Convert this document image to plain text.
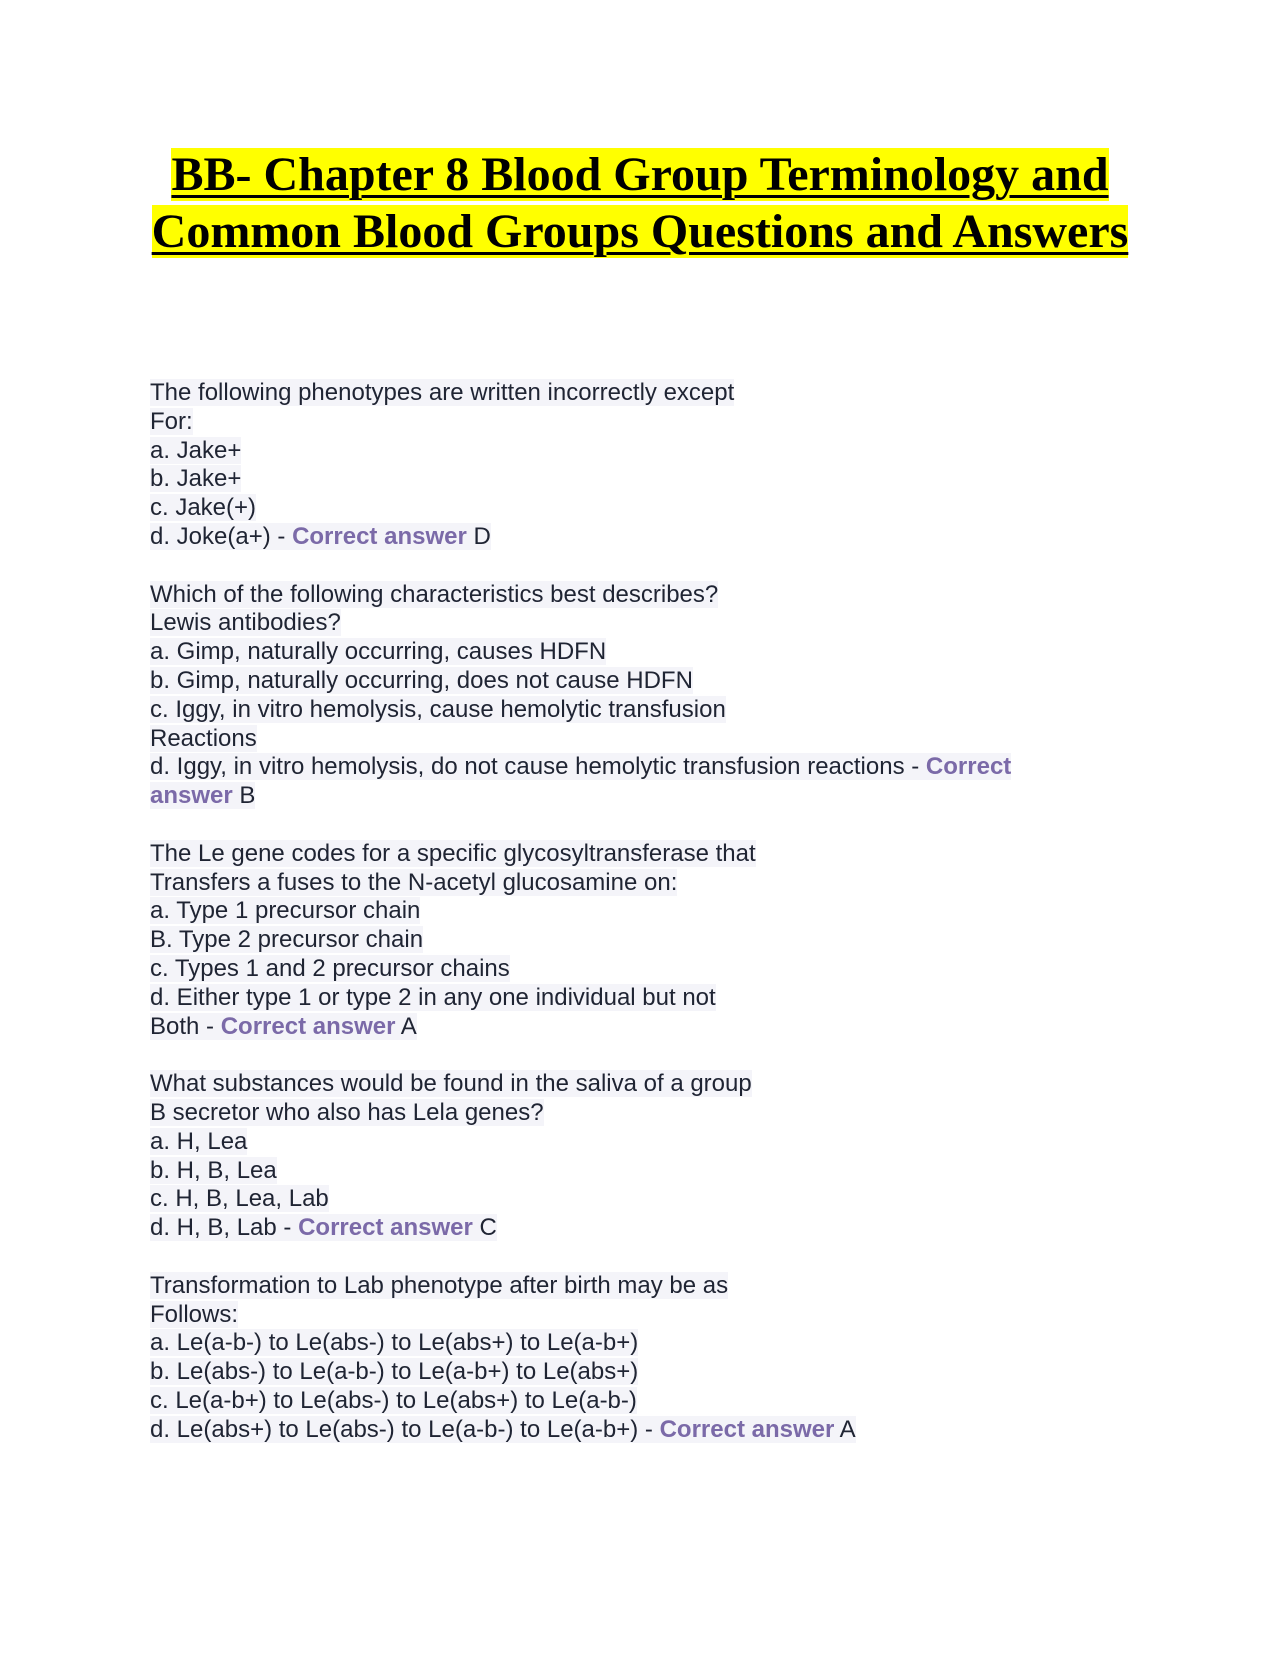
BB- Chapter 8 Blood Group Terminology and Common Blood Groups Questions and Answers
The following phenotypes are written incorrectly except
For:
a. Jake+
b. Jake+
c. Jake(+)
d. Joke(a+) - Correct answer D
Which of the following characteristics best describes?
Lewis antibodies?
a. Gimp, naturally occurring, causes HDFN
b. Gimp, naturally occurring, does not cause HDFN
c. Iggy, in vitro hemolysis, cause hemolytic transfusion
Reactions
d. Iggy, in vitro hemolysis, do not cause hemolytic transfusion reactions - Correct answer B
The Le gene codes for a specific glycosyltransferase that
Transfers a fuses to the N-acetyl glucosamine on:
a. Type 1 precursor chain
B. Type 2 precursor chain
c. Types 1 and 2 precursor chains
d. Either type 1 or type 2 in any one individual but not
Both - Correct answer A
What substances would be found in the saliva of a group
B secretor who also has Lela genes?
a. H, Lea
b. H, B, Lea
c. H, B, Lea, Lab
d. H, B, Lab - Correct answer C
Transformation to Lab phenotype after birth may be as
Follows:
a. Le(a-b-) to Le(abs-) to Le(abs+) to Le(a-b+)
b. Le(abs-) to Le(a-b-) to Le(a-b+) to Le(abs+)
c. Le(a-b+) to Le(abs-) to Le(abs+) to Le(a-b-)
d. Le(abs+) to Le(abs-) to Le(a-b-) to Le(a-b+) - Correct answer A
